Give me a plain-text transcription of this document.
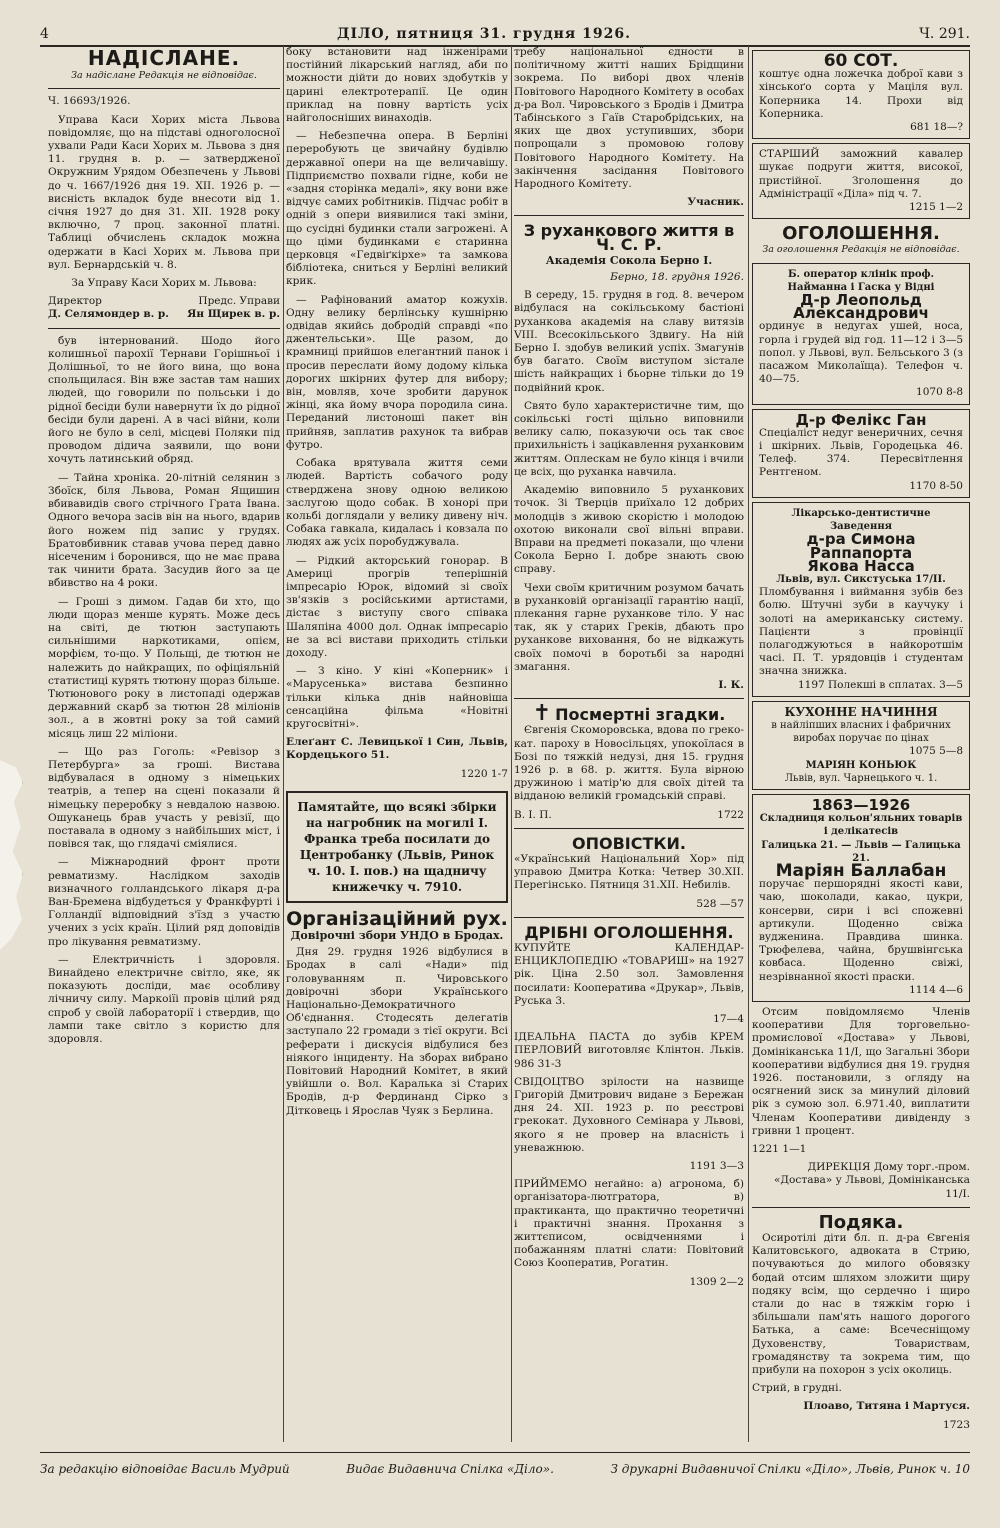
4	ДІЛО, пятниця 31. грудня 1926.	Ч. 291.
НАДІСЛАНЕ.
За надіслане Редакція не відповідає.

Ч. 16693/1926.

Управа Каси Хорих міста Львова повідомляє, що на підставі одноголосної ухвали Ради Каси Хорих м. Львова з дня 11. грудня в. р. — затвердженої Окружним Урядом Обезпечень у Львові до ч. 1667/1926 дня 19. XII. 1926 р. — висність вкладок буде внесоти від 1. січня 1927 до дня 31. XII. 1928 року включно, 7 проц. законної платні. Таблиці обчислень складок можна одержати в Касі Хорих м. Львова при вул. Бернардській ч. 8.

За Управу Каси Хорих м. Львова:

Директор	Предс. Управи
Д. Селямондер в. р. Ян Щирек в. р.

був інтернований. Шодо його колишньої парохії Тернави Горішньої і Долішньої, то не його вина, що вона спольщилася. Він вже застав там наших людей, що говорили по польськи і до рідної бесіди були навернути їх до рідної бесіди були дарені. А в часі війни, коли його не було в селі, місцеві Поляки під проводом дідича заявили, що вони хочуть латинський обряд.

— Тайна хроніка. 20-літній селянин з Збоїск, біля Львова, Роман Ящишин вбивавидів свого стрічного Грата Івана. Одного вечора засів він на нього, вдарив його ножем під запис у грудях. Братовбивник ставав учова перед давно нісеченим і боронився, що не має права так чинити брата. Засудив його за це вбивство на 4 роки.

— Гроші з димом. Гадав би хто, що люди щораз менше курять. Може десь на світі, де тютюн заступають сильнішими наркотиками, опієм, морфієм, то-що. У Польщі, де тютюн не належить до найкращих, по офіціяльній статистиці курять тютюну щораз більше. Тютюнового року в листопаді одержав державний скарб за тютюн 28 міліонів зол., а в жовтні року за той самий місяць лиш 22 міліони.

— Що раз Гоголь: «Ревізор з Петербурга» за гроші. Вистава відбувалася в одному з німецьких театрів, а тепер на сцені показали й німецьку переробку з невдалою назвою. Ошуканець брав участь у ревізії, що поставала в одному з найбільших міст, і повівся так, що глядачі сміялися.

— Міжнародний фронт проти ревматизму. Наслідком заходів визначного голландського лікаря д-ра Ван-Бремена відбудеться у Франкфурті і Голландії відповідний з'їзд з участю учених з усіх країн. Цілий ряд доповідів про лікування ревматизму.

— Електричність і здоровля. Винайдено електричне світло, яке, як показують досліди, має особливу лічничу силу. Маркоіїі провів цілий ряд спроб у своїй лабораторії і ствердив, що лампи таке світло з користю для здоровля.

боку встановити над інженірами постійний лікарський нагляд, аби по можности дійти до нових здобутків у царині електротерапії. Це один приклад на повну вартість усіх найголосніших винаходів.

— Небезпечна опера. В Берліні переробують це звичайну будівлю державної опери на ще величавішу. Підприємство похвали гідне, коби не «задня сторінка медалі», яку вони вже відчує самих робітників. Підчас робіт в одній з опери виявилися такі зміни, що сусідні будинки стали загрожені. А що ціми будинками є старинна церковця «Гедвіґкірхе» та замкова бібліотека, сниться у Берліні великий крик.

— Рафінований аматор кожухів. Одну велику берлінську кушнірню одвідав якийсь добродій справді «по джентельськи». Ще разом, до крамниці прийшов елегантний панок і просив переслати йому додому кілька дорогих шкірних футер для вибору; він, мовляв, хоче зробити дарунок жінці, яка йому вчора породила сина. Переданий листоноші пакет він прийняв, заплатив рахунок та вибрав футро.

Собака врятувала життя семи людей. Вартість собачого роду стверджена знову одною великою заслугою щодо собак. В хонорі при кольбі доглядали у велику дивену ніч. Собака гавкала, кидалась і ковзала по людях аж усіх поробуджувала.

— Рідкий акторський гонорар. В Америці прогрів теперішній імпресаріо Юрок, відомий зі своїх зв'язків з російськими артистами, дістає з виступу свого співака Шаляпіна 4000 дол. Однак імпресаріо не за всі вистави приходить стільки доходу.

— З кіно. У кіні «Коперник» і «Марусенька» вистава безпинно тільки кілька днів найновіша сенсаційна фільма «Новітні кругосвітні».

Елеґант С. Левицької і Син, Львів, Кордецького 51.

1220 1-7

Памятайте, що всякі збірки на нагробник на могилі І. Франка треба посилати до Центробанку (Львів, Ринок ч. 10. І. пов.) на щадничу книжечку ч. 7910.
Організаційний рух.
Довірочні збори УНДО в Бродах.

Дня 29. грудня 1926 відбулися в Бродах в салі «Нади» під головуванням п. Чировського довірочні збори Українського Національно-Демократичного Об'єднання. Стодесять делегатів заступало 22 громади з тієї округи. Всі реферати і дискусія відбулися без ніякого інциденту. На зборах вибрано Повітовий Народний Комітет, в який увійшли о. Вол. Каралька зі Старих Бродів, д-р Фердинанд Сірко з Дітковець і Ярослав Чуяк з Берлина.

требу національної єдности в політичному житті наших Брідщини зокрема. По виборі двох членів Повітового Народного Комітету в особах д-ра Вол. Чировського з Бродів і Дмитра Табінського з Гаїв Старобрідських, на яких ще двох уступивших, збори попрощали з промовою голову Повітового Народного Комітету. На закінчення засідання Повітового Народного Комітету.

Учасник.

З руханкового життя в Ч. С. Р.
Академія Сокола Берно І.

Берно, 18. грудня 1926.

В середу, 15. грудня в год. 8. вечером відбулася на сокільському бастіоні руханкова академія на славу витязів VIII. Всесокільського Здвигу. На ній Берно І. здобув великий успіх. Змагунів був багато. Своїм виступом зістале шість найкращих і бьорне тільки до 19 подвійний крок.

Свято було характеристичне тим, що сокільські гості щільно виповнили велику салю, показуючи ось так своє прихильність і зацікавлення руханковим життям. Оплескам не було кінця і вчили це всіх, що руханка навчила.

Академію виповнило 5 руханкових точок. Зі Тверців приїхало 12 добрих молодців з живою скорістю і молодою охотою виконали свої вільні вправи. Вправи на предметі показали, що члени Сокола Берно І. добре знають свою справу.

Чехи своїм критичним розумом бачать в руханковій організації гарантію нації, плекання гарне руханкове тіло. У нас так, як у старих Греків, дбають про руханкове виховання, бо не відкажуть своїх помочі в боротьбі за народні змагання.

І. К.

✝ Посмертні згадки.

Євгенія Скоморовська, вдова по греко-кат. пароху в Новосільцях, упокоїлася в Бозі по тяжкій недузі, дня 15. грудня 1926 р. в 68. р. життя. Була вірною дружиною і матір'ю для своїх дітей та відданою великій громадській справі.

В. І. П.	1722
ОПОВІСТКИ.

«Український Національний Хор» під управою Дмитра Котка: Четвер 30.XII. Перегінсько. Пятниця 31.XII. Небилів.

528 —57

ДРІБНІ ОГОЛОШЕННЯ.

КУПУЙТЕ КАЛЕНДАР-ЕНЦИКЛОПЕДІЮ «ТОВАРИШ» на 1927 рік. Ціна 2.50 зол. Замовлення посилати: Кооператива «Друкар», Львів, Руська 3.

17—4

ІДЕАЛЬНА ПАСТА до зубів КРЕМ ПЕРЛОВИЙ виготовляє Клінтон. Льків. 986 31-3

СВІДОЦТВО зрілости на назвище Григорій Дмитрович видане з Бережан дня 24. XII. 1923 р. по реєстрові грекокат. Духовного Семінара у Львові, якого я не провер на власність і уневажнюю.

1191 3—3

ПРИЙМЕМО негайно: а) агронома, б) організатора-лютгратора, в) практиканта, що практично теоретичні і практичні знання. Прохання з життєписом, освідченнями і побажанням платні слати: Повітовий Союз Кооператив, Рогатин.

1309 2—2

60 СОТ.
коштує одна ложечка доброї кави з хінськоґо сорта у Маціля вул. Коперника 14. Прохи від Коперника.
681 18—?
СТАРШИЙ заможний кавалер шукає подруги життя, високої, пристійної. Зголошення до Адміністрації «Діла» під ч. 7.
1215 1—2
ОГОЛОШЕННЯ.
За оголошення Редакція не відповідає.
Б. оператор клінік проф. Найманна і Гаска у Відні
Д-р Леопольд Александрович
ординує в недугах ушей, носа, горла і грудей від год. 11—12 і 3—5 попол. у Львові, вул. Бельського 3 (з пасажом Миколаїща). Телефон ч. 40—75.
1070 8-8
Д-р Фелікс Ган
Спеціаліст недуг венеричних, сечня і шкірних. Львів, Городецька 46. Телеф. 374. Пересвітлення Рентгеном.
1170 8-50
Лікарсько-дентистичне Заведення
д-ра Симона Раппапорта
Якова Насса
Львів, вул. Сикстуська 17/II.
Пломбування і виймання зубів без болю. Штучні зуби в каучуку і золоті на американську систему. Пацієнти з провінції полагоджуються в найкоротшім часі. П. Т. урядовців і студентам значна знижка.
1197 Полекші в сплатах. 3—5
КУХОННЕ НАЧИННЯ
в найліпших власних і фабричних виробах поручає по цінах
1075 5—8
МАРІЯН КОНЬЮК
Львів, вул. Чарнецького ч. 1.
1863—1926
Складниця кольон'яльних товарів і делікатесів
Галицька 21. — Львів — Галицька 21.
Маріян Баллабан
поручає першорядні якості кави, чаю, шоколади, какао, цукри, консерви, сири і всі спожевні артикули. Щоденно свіжа вудженина. Правдива шинка. Трюфелева, чайна, брушвінгська ковбаса. Щоденно свіжі, незрівнанної якості праски.
1114 4—6

Отсим повідомляємо Членів кооперативи Для торговельно-промислової «Достава» у Львові, Домініканська 11/I, що Загальні Збори кооперативи відбулися дня 19. грудня 1926. постановили, з огляду на осягнений зиск за минулий діловий рік з сумою зол. 6.971.40, виплатити Членам Кооперативи дивіденду з гривни 1 процент.

1221 1—1

ДИРЕКЦІЯ Дому торг.-пром. «Достава» у Львові, Домініканська 11/I.

Подяка.

Осиротілі діти бл. п. д-ра Євгенія Калитовського, адвоката в Стрию, почуваються до милого обовязку бодай отсим шляхом зложити щиру подяку всім, що сердечно і щиро стали до нас в тяжкім горю і збільшали пам'ять нашого дорогого Батька, а саме: Всечесніщому Духовенству, Товариствам, громадянству та зокрема тим, що прибули на похорон з усіх околиць.

Стрий, в грудні.

Плоаво, Титяна і Мартуся.

1723

За редакцію відповідає Василь Мудрий	Видає Видавнича Спілка «Діло».	З друкарні Видавничої Спілки «Діло», Львів, Ринок ч. 10
